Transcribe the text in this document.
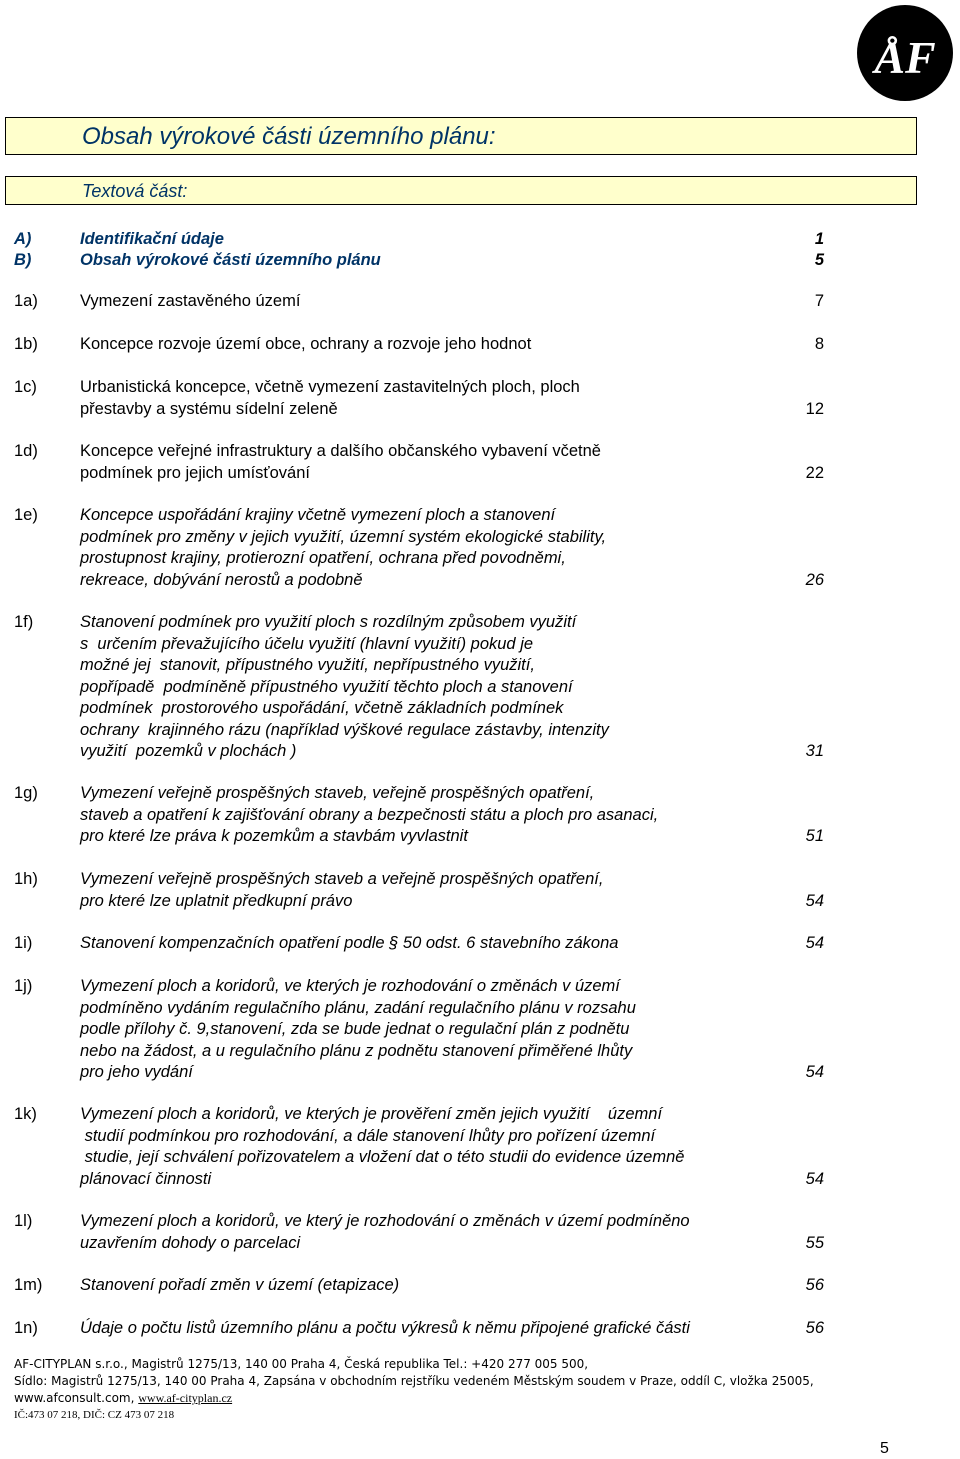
ÅF
Obsah výrokové části územního plánu:
Textová část:
A)	Identifikační údaje	1
B)	Obsah výrokové části územního plánu	5
1a)	Vymezení zastavěného území	7
1b)	Koncepce rozvoje území obce, ochrany a rozvoje jeho hodnot	8
1c)	Urbanistická koncepce, včetně vymezení zastavitelných ploch, ploch
přestavby a systému sídelní zeleně	12
1d)	Koncepce veřejné infrastruktury a dalšího občanského vybavení včetně
podmínek pro jejich umísťování	22
1e)	Koncepce uspořádání krajiny včetně vymezení ploch a stanovení
podmínek pro změny v jejich využití, územní systém ekologické stability,
prostupnost krajiny, protierozní opatření, ochrana před povodněmi,
rekreace, dobývání nerostů a podobně	26
1f)	Stanovení podmínek pro využití ploch s rozdílným způsobem využití
s  určením převažujícího účelu využití (hlavní využití) pokud je
možné jej  stanovit, přípustného využití, nepřípustného využití,
popřípadě  podmíněně přípustného využití těchto ploch a stanovení
podmínek  prostorového uspořádání, včetně základních podmínek
ochrany  krajinného rázu (například výškové regulace zástavby, intenzity
využití  pozemků v plochách )	31
1g)	Vymezení veřejně prospěšných staveb, veřejně prospěšných opatření,
staveb a opatření k zajišťování obrany a bezpečnosti státu a ploch pro asanaci,
pro které lze práva k pozemkům a stavbám vyvlastnit	51
1h)	Vymezení veřejně prospěšných staveb a veřejně prospěšných opatření,
pro které lze uplatnit předkupní právo	54
1i)	Stanovení kompenzačních opatření podle § 50 odst. 6 stavebního zákona	54
1j)	Vymezení ploch a koridorů, ve kterých je rozhodování o změnách v území
podmíněno vydáním regulačního plánu, zadání regulačního plánu v rozsahu
podle přílohy č. 9,stanovení, zda se bude jednat o regulační plán z podnětu
nebo na žádost, a u regulačního plánu z podnětu stanovení přiměřené lhůty
pro jeho vydání	54
1k)	Vymezení ploch a koridorů, ve kterých je prověření změn jejich využití    územní
studií podmínkou pro rozhodování, a dále stanovení lhůty pro pořízení územní
studie, její schválení pořizovatelem a vložení dat o této studii do evidence územně
plánovací činnosti	54
1l)	Vymezení ploch a koridorů, ve který je rozhodování o změnách v území podmíněno
uzavřením dohody o parcelaci	55
1m) Stanovení pořadí změn v území (etapizace)	56
1n)	Údaje o počtu listů územního plánu a počtu výkresů k němu připojené grafické části	56
AF-CITYPLAN s.r.o., Magistrů 1275/13, 140 00 Praha 4, Česká republika Tel.: +420 277 005 500,
Sídlo: Magistrů 1275/13, 140 00 Praha 4, Zapsána v obchodním rejstříku vedeném Městským soudem v Praze, oddíl C, vložka 25005,
www.afconsult.com, www.af-cityplan.cz
IČ:473 07 218, DIČ: CZ 473 07 218
5
